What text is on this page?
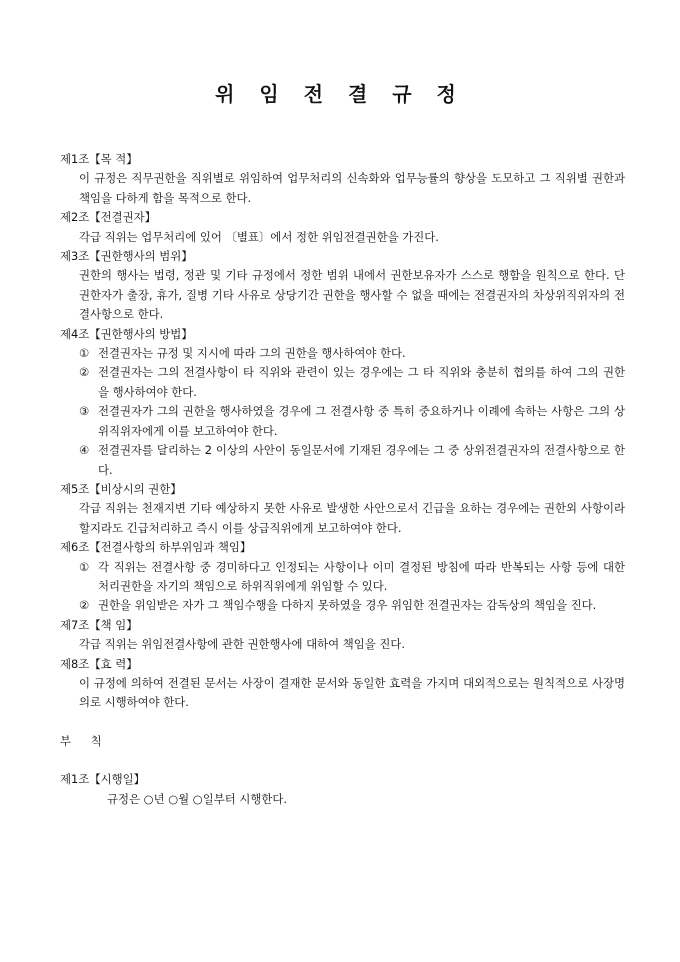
위 임 전 결 규 정

제1조【목 적】

이 규정은 직무권한을 직위별로 위임하여 업무처리의 신속화와 업무능률의 향상을 도모하고 그 직위별 권한과 책임을 다하게 함을 목적으로 한다.

제2조【전결권자】

각급 직위는 업무처리에 있어 〔별표〕에서 정한 위임전결권한을 가진다.

제3조【권한행사의 범위】

권한의 행사는 법령, 정관 및 기타 규정에서 정한 범위 내에서 권한보유자가 스스로 행함을 원칙으로 한다. 단 권한자가 출장, 휴가, 질병 기타 사유로 상당기간 권한을 행사할 수 없을 때에는 전결권자의 차상위직위자의 전결사항으로 한다.

제4조【권한행사의 방법】

① 전결권자는 규정 및 지시에 따라 그의 권한을 행사하여야 한다.

② 전결권자는 그의 전결사항이 타 직위와 관련이 있는 경우에는 그 타 직위와 충분히 협의를 하여 그의 권한을 행사하여야 한다.

③ 전결권자가 그의 권한을 행사하였을 경우에 그 전결사항 중 특히 중요하거나 이례에 속하는 사항은 그의 상위직위자에게 이를 보고하여야 한다.

④ 전결권자를 달리하는 2 이상의 사안이 동일문서에 기재된 경우에는 그 중 상위전결권자의 전결사항으로 한다.

제5조【비상시의 권한】

각급 직위는 천재지변 기타 예상하지 못한 사유로 발생한 사안으로서 긴급을 요하는 경우에는 권한외 사항이라 할지라도 긴급처리하고 즉시 이를 상급직위에게 보고하여야 한다.

제6조【전결사항의 하부위임과 책임】

① 각 직위는 전결사항 중 경미하다고 인정되는 사항이나 이미 결정된 방침에 따라 반복되는 사항 등에 대한 처리권한을 자기의 책임으로 하위직위에게 위임할 수 있다.

② 권한을 위임받은 자가 그 책임수행을 다하지 못하였을 경우 위임한 전결권자는 감독상의 책임을 진다.

제7조【책 임】

각급 직위는 위임전결사항에 관한 권한행사에 대하여 책임을 진다.

제8조【효 력】

이 규정에 의하여 전결된 문서는 사장이 결재한 문서와 동일한 효력을 가지며 대외적으로는 원칙적으로 사장명의로 시행하여야 한다.

부 칙

제1조【시행일】

규정은 ○년 ○월 ○일부터 시행한다.
